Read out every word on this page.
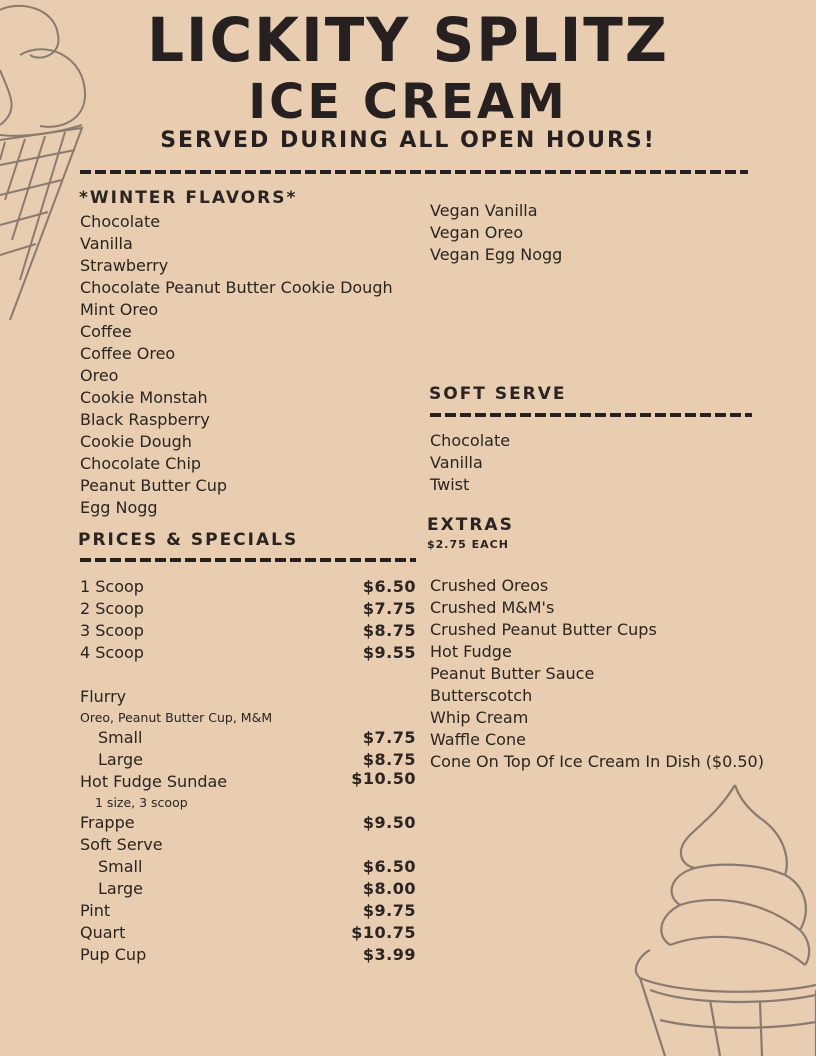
LICKITY SPLITZ
ICE CREAM
SERVED DURING ALL OPEN HOURS!
*WINTER FLAVORS*
Chocolate
Vanilla
Strawberry
Chocolate Peanut Butter Cookie Dough
Mint Oreo
Coffee
Coffee Oreo
Oreo
Cookie Monstah
Black Raspberry
Cookie Dough
Chocolate Chip
Peanut Butter Cup
Egg Nogg
Vegan Vanilla
Vegan Oreo
Vegan Egg Nogg
SOFT SERVE
Chocolate
Vanilla
Twist
EXTRAS
$2.75 EACH
Crushed Oreos
Crushed M&M's
Crushed Peanut Butter Cups
Hot Fudge
Peanut Butter Sauce
Butterscotch
Whip Cream
Waffle Cone
Cone On Top Of Ice Cream In Dish ($0.50)
PRICES & SPECIALS
1 Scoop	$6.50
2 Scoop	$7.75
3 Scoop	$8.75
4 Scoop	$9.55
Flurry
Oreo, Peanut Butter Cup, M&M
Small	$7.75
Large	$8.75
Hot Fudge Sundae	$10.50
1 size, 3 scoop
Frappe	$9.50
Soft Serve
Small	$6.50
Large	$8.00
Pint	$9.75
Quart	$10.75
Pup Cup	$3.99
